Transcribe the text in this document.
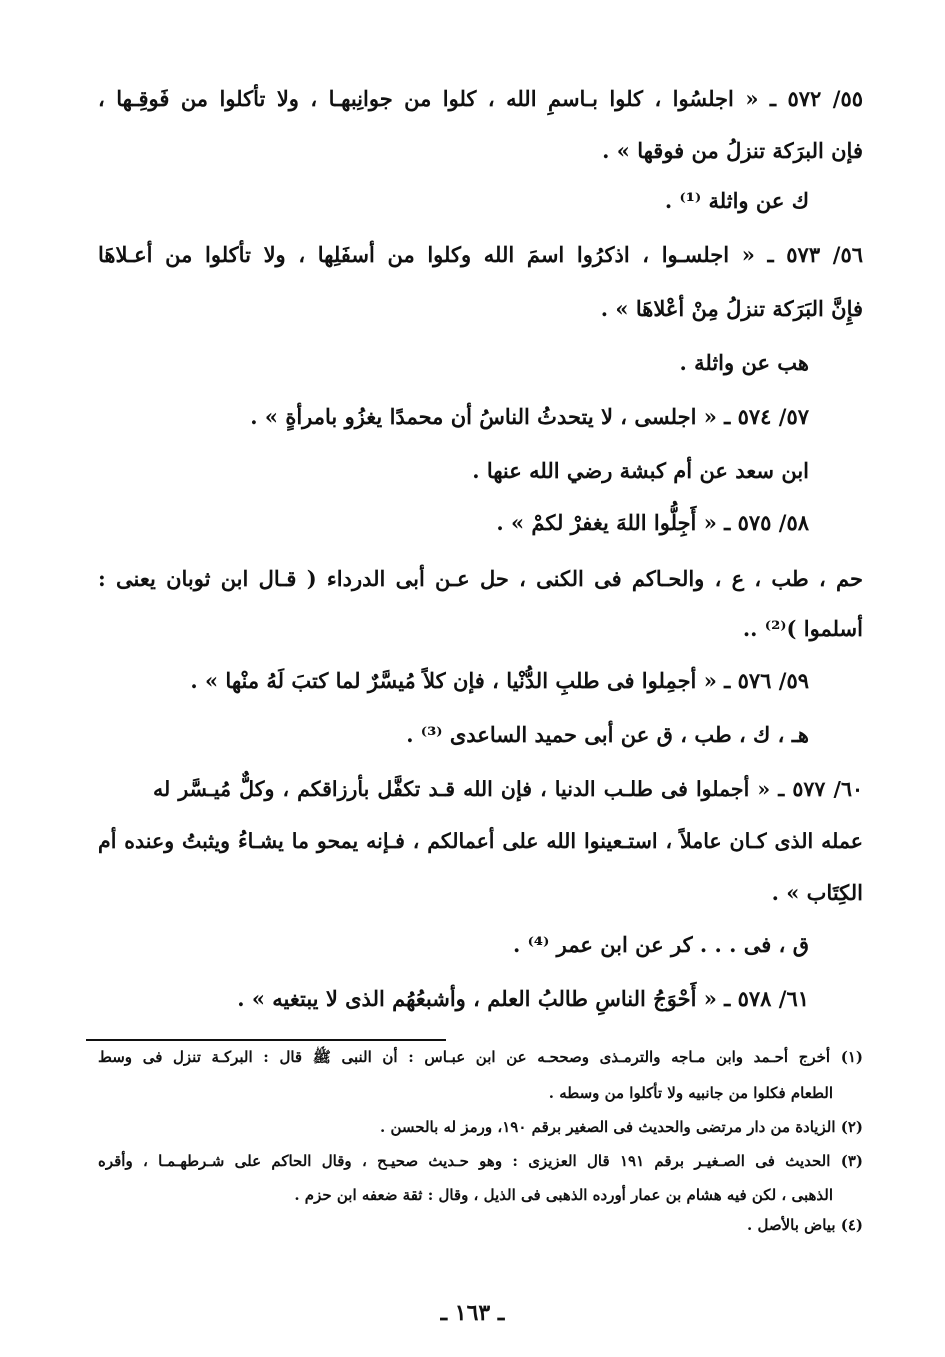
٥٥/ ٥٧٢ ـ « اجلسُوا ، كلوا بـاسمِ الله ، كلوا من جوانِبهـا ، ولا تأكلوا من فَوقِـها ،
فإن البرَكة تنزلُ من فوقها » .
ك عن واثلة ⁽¹⁾ .
٥٦/ ٥٧٣ ـ « اجلسـوا ، اذكرُوا اسمَ الله وكلوا من أسفَلِها ، ولا تأكلوا من أعـلاهَا
فإِنَّ البَرَكة تنزلُ مِنْ أعْلاهَا » .
هب عن واثلة .
٥٧/ ٥٧٤ ـ « اجلسى ، لا يتحدثُ الناسُ أن محمدًا يغزُو بامرأةٍ » .
ابن سعد عن أم كبشة رضي الله عنها .
٥٨/ ٥٧٥ ـ « أَجِلُّوا اللهَ يغفرْ لكمْ » .
حم ، طب ، ع ، والحـاكم فى الكنى ، حل عـن أبى الدرداء ( قـال ابن ثوبان يعنى :
أسلموا )⁽²⁾ ..
٥٩/ ٥٧٦ ـ « أجمِلوا فى طلبِ الدُّنْيا ، فإن كلاً مُيسَّرٌ لما كتبَ لَهُ منْها » .
هـ ، ك ، طب ، ق عن أبى حميد الساعدى ⁽³⁾ .
٦٠/ ٥٧٧ ـ « أجملوا فى طلـب الدنيا ، فإن الله قـد تكفَّل بأرزاقكم ، وكلٌّ مُيـسَّر له
عمله الذى كـان عاملاً ، استـعينوا الله على أعمالكم ، فـإنه يمحو ما يشـاءُ ويثبتُ وعنده أم
الكِتَاب » .
ق ، فى . . . كر عن ابن عمر ⁽⁴⁾ .
٦١/ ٥٧٨ ـ « أَحْوَجُ الناسِ طالبُ العلم ، وأشبعُهُم الذى لا يبتغيه » .
(١) أخرج أحـمد وابن مـاجه والترمـذى وصححـه عن ابن عبـاس : أن النبى ﷺ قال : البركـة تنزل فى وسط
الطعام فكلوا من جانبيه ولا تأكلوا من وسطه .
(٢) الزيادة من دار مرتضى والحديث فى الصغير برقم ١٩٠، ورمز له بالحسن .
(٣) الحديث فى الصـغيـر برقم ١٩١ قال العزيزى : وهو حـديث صحيـح ، وقال الحاكم على شـرطهـمـا ، وأقره
الذهبى ، لكن فيه هشام بن عمار أورده الذهبى فى الذيل ، وقال : ثقة ضعفه ابن حزم .
(٤) بياض بالأصل .
ـ ١٦٣ ـ
